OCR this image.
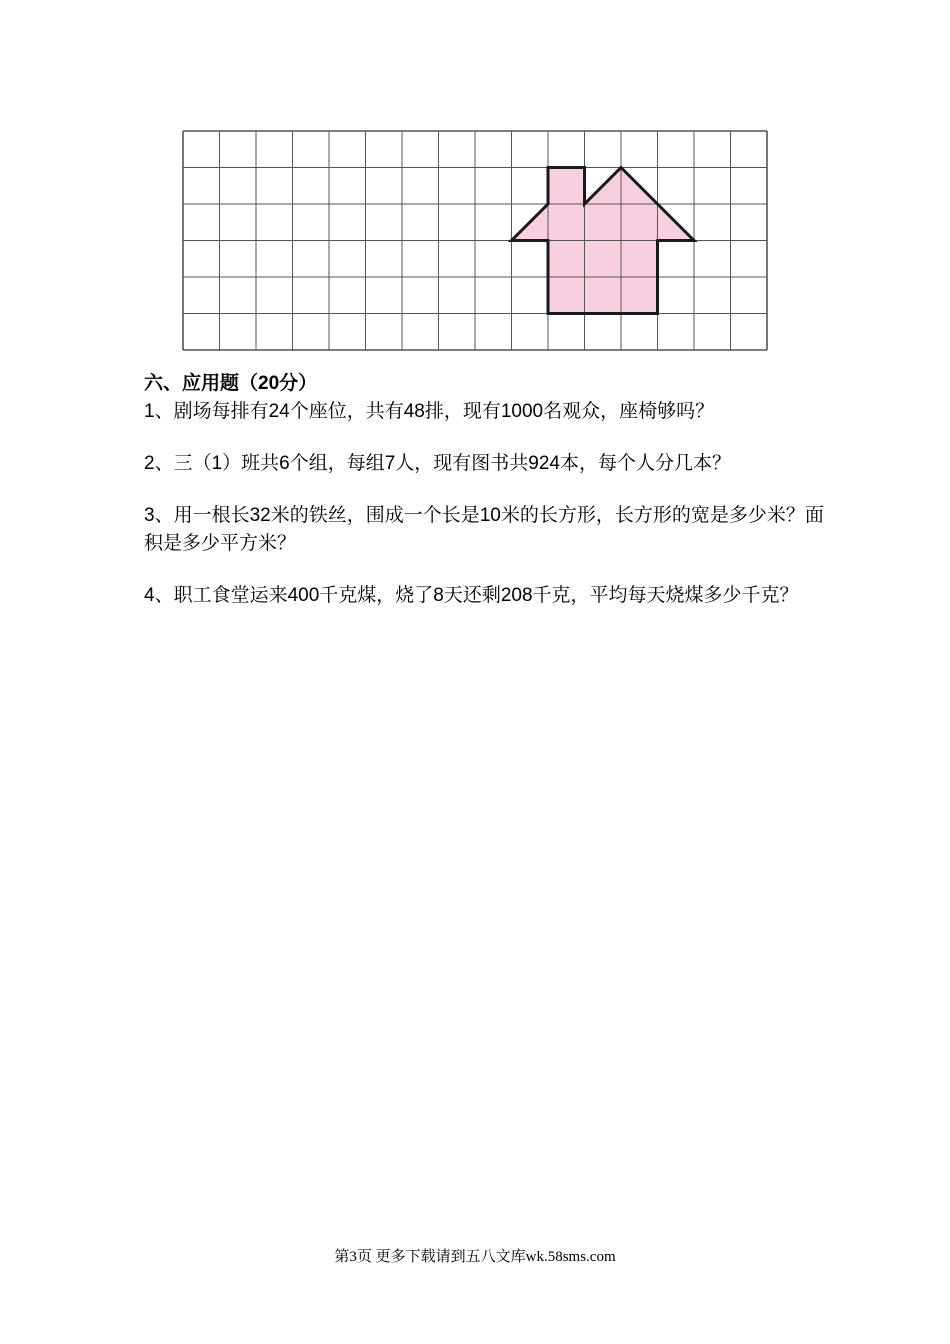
六、应用题（20分）

1、剧场每排有24个座位，共有48排，现有1000名观众，座椅够吗？

2、三（1）班共6个组，每组7人，现有图书共924本，每个人分几本？

3、用一根长32米的铁丝，围成一个长是10米的长方形，长方形的宽是多少米？面积是多少平方米？

4、职工食堂运来400千克煤，烧了8天还剩208千克，平均每天烧煤多少千克？

第3页 更多下载请到五八文库wk.58sms.com
